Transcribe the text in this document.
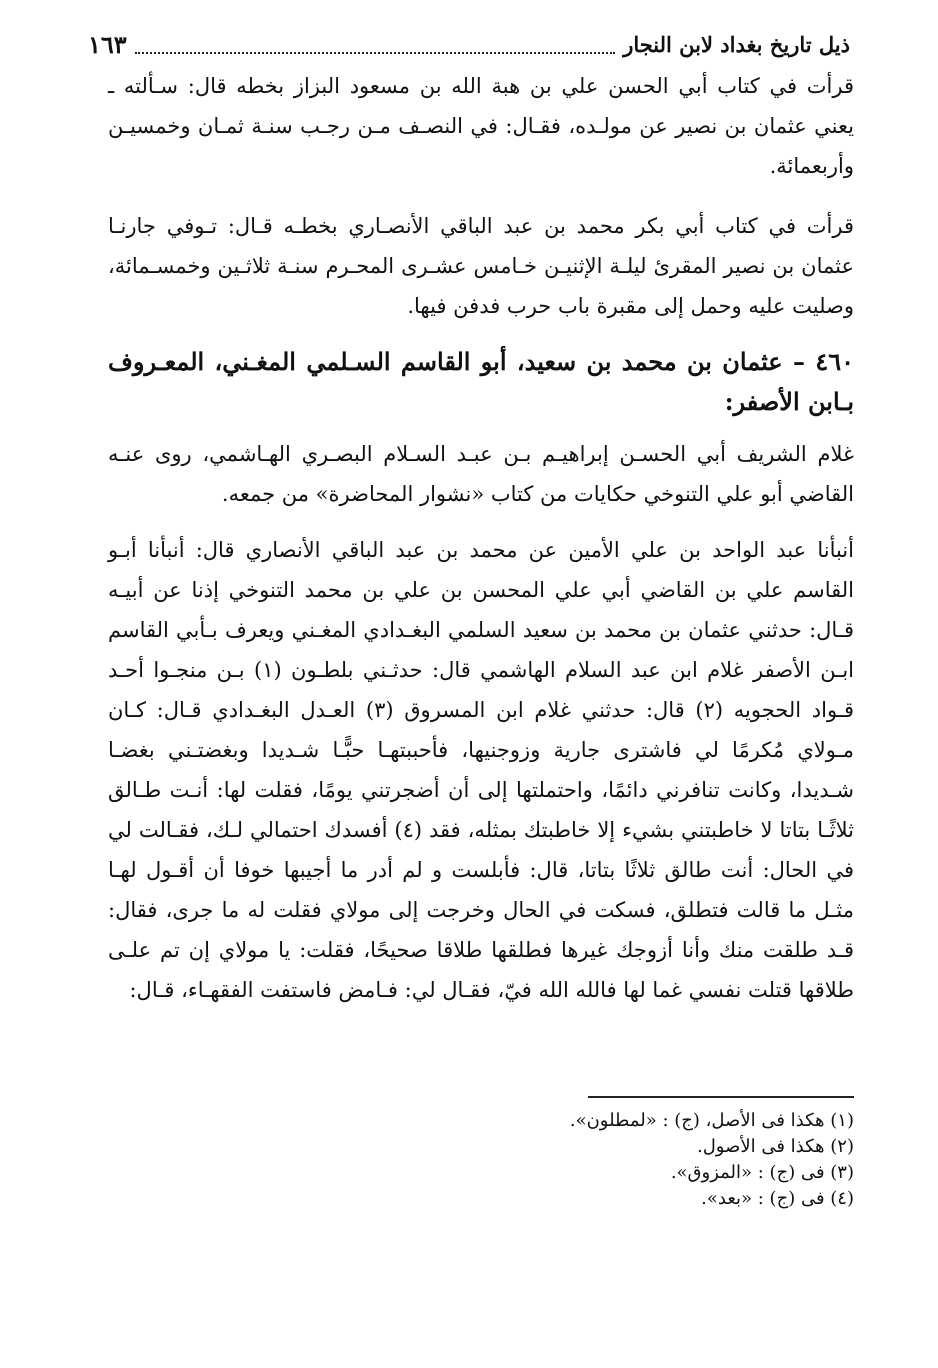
ذيل تاريخ بغداد لابن النجار
١٦٣

قرأت في كتاب أبي الحسن علي بن هبة الله بن مسعود البزاز بخطه قال: سـألته ـ يعني عثمان بن نصير عن مولـده، فقـال: في النصـف مـن رجـب سنـة ثمـان وخمسيـن وأربعمائة.

قرأت في كتاب أبي بكر محمد بن عبد الباقي الأنصـاري بخطـه قـال: تـوفي جارنـا عثمان بن نصير المقرئ ليلـة الإثنيـن خـامس عشـرى المحـرم سنـة ثلاثـين وخمسـمائة، وصليت عليه وحمل إلى مقبرة باب حرب فدفن فيها.

٤٦٠ – عثمان بن محمد بن سعيد، أبو القاسم السـلمي المغـني، المعـروف بـابن الأصفر:

غلام الشريف أبي الحسـن إبراهيـم بـن عبـد السـلام البصـري الهـاشمي، روى عنـه القاضي أبو علي التنوخي حكايات من كتاب «نشوار المحاضرة» من جمعه.

أنبأنا عبد الواحد بن علي الأمين عن محمد بن عبد الباقي الأنصاري قال: أنبأنا أبـو القاسم علي بن القاضي أبي علي المحسن بن علي بن محمد التنوخي إذنا عن أبيـه قـال: حدثني عثمان بن محمد بن سعيد السلمي البغـدادي المغـني ويعرف بـأبي القاسم ابـن الأصفر غلام ابن عبد السلام الهاشمي قال: حدثـني بلطـون (١) بـن منجـوا أحـد قـواد الحجويه (٢) قال: حدثني غلام ابن المسروق (٣) العـدل البغـدادي قـال: كـان مـولاي مُكرمًا لي فاشترى جارية وزوجنيها، فأحببتهـا حبًّـا شـديدا وبغضتـني بغضـا شـديدا، وكانت تنافرني دائمًا، واحتملتها إلى أن أضجرتني يومًا، فقلت لها: أنـت طـالق ثلاثًـا بتاتا لا خاطبتني بشيء إلا خاطبتك بمثله، فقد (٤) أفسدك احتمالي لـك، فقـالت لي في الحال: أنت طالق ثلاثًا بتاتا، قال: فأبلست و لم أدر ما أجيبها خوفا أن أقـول لهـا مثـل ما قالت فتطلق، فسكت في الحال وخرجت إلى مولاي فقلت له ما جرى، فقال: قـد طلقت منك وأنا أزوجك غيرها فطلقها طلاقا صحيحًا، فقلت: يا مولاي إن تم علـى طلاقها قتلت نفسي غما لها فالله الله فيّ، فقـال لي: فـامض فاستفت الفقهـاء، قـال:

(١) هكذا فى الأصل، (ج) : «لمطلون».
(٢) هكذا فى الأصول.
(٣) فى (ج) : «المزوق».
(٤) فى (ج) : «بعد».
